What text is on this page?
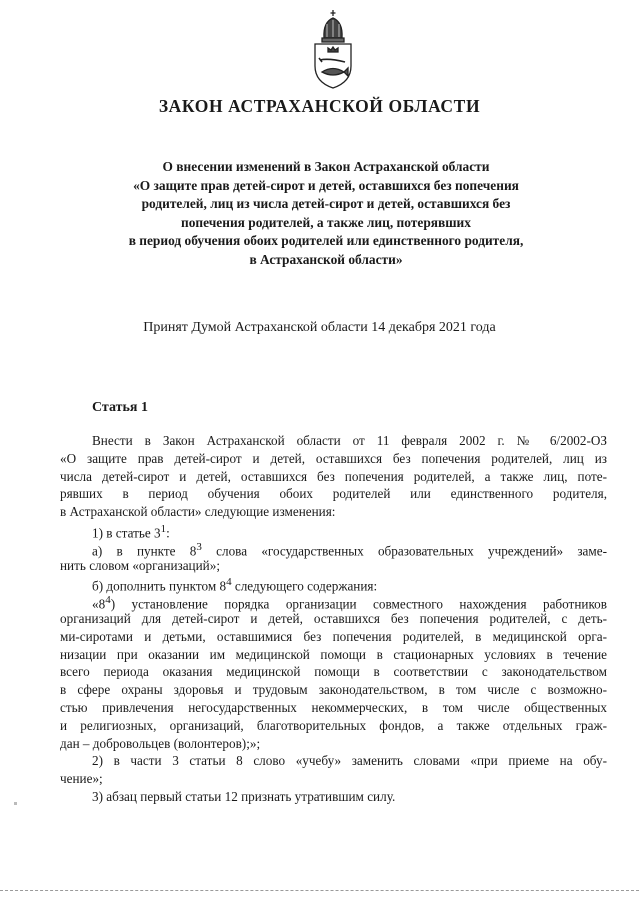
ЗАКОН АСТРАХАНСКОЙ ОБЛАСТИ
О внесении изменений в Закон Астраханской области
«О защите прав детей-сирот и детей, оставшихся без попечения
родителей, лиц из числа детей-сирот и детей, оставшихся без
попечения родителей, а также лиц, потерявших
в период обучения обоих родителей или единственного родителя,
в Астраханской области»
Принят Думой Астраханской области 14 декабря 2021 года
Статья 1
Внести в Закон Астраханской области от 11 февраля 2002 г. № 6/2002-ОЗ
«О защите прав детей-сирот и детей, оставшихся без попечения родителей, лиц из
числа детей-сирот и детей, оставшихся без попечения родителей, а также лиц, поте-
рявших в период обучения обоих родителей или единственного родителя,
в Астраханской области» следующие изменения:
1) в статье $3^1$:
а) в пункте $8^3$ слова «государственных образовательных учреждений» заме-
нить словом «организаций»;
б) дополнить пунктом $8^4$ следующего содержания:
«$8^4$) установление порядка организации совместного нахождения работников
организаций для детей-сирот и детей, оставшихся без попечения родителей, с деть-
ми-сиротами и детьми, оставшимися без попечения родителей, в медицинской орга-
низации при оказании им медицинской помощи в стационарных условиях в течение
всего периода оказания медицинской помощи в соответствии с законодательством
в сфере охраны здоровья и трудовым законодательством, в том числе с возможно-
стью привлечения негосударственных некоммерческих, в том числе общественных
и религиозных, организаций, благотворительных фондов, а также отдельных граж-
дан – добровольцев (волонтеров);»;
2) в части 3 статьи 8 слово «учебу» заменить словами «при приеме на обу-
чение»;
3) абзац первый статьи 12 признать утратившим силу.
